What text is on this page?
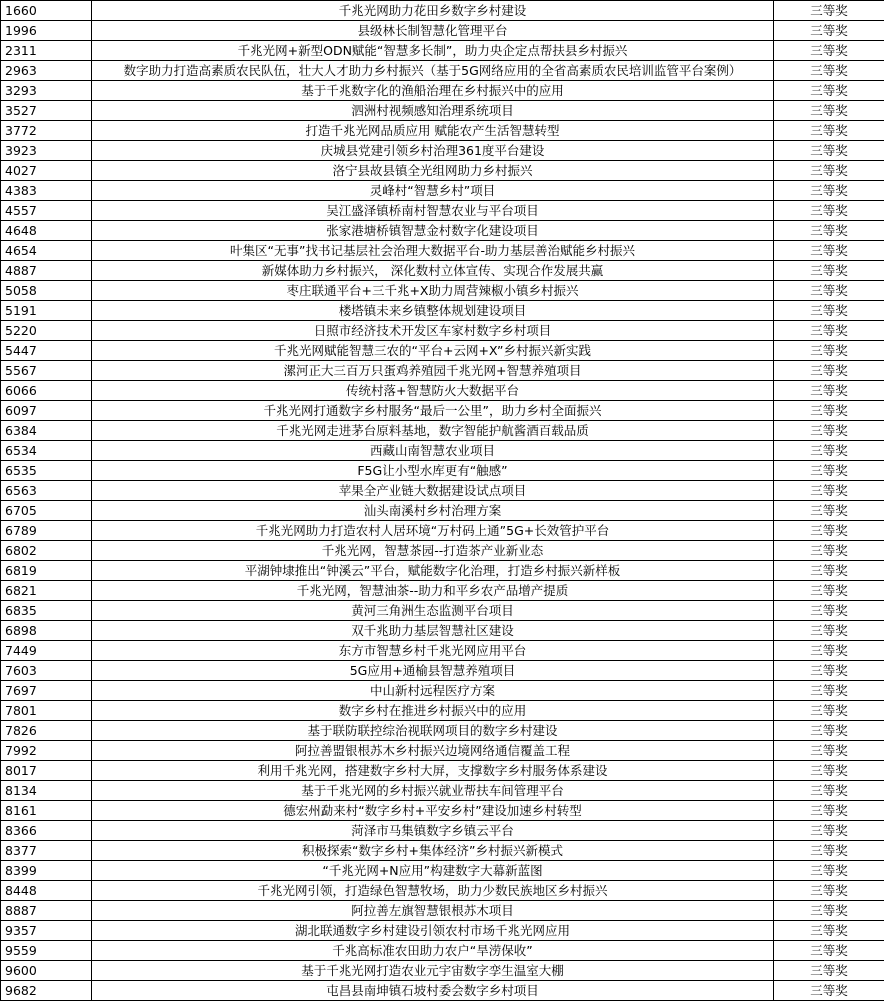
1660	千兆光网助力花田乡数字乡村建设	三等奖
1996	县级林长制智慧化管理平台	三等奖
2311	千兆光网+新型ODN赋能“智慧多长制”，助力央企定点帮扶县乡村振兴	三等奖
2963	数字助力打造高素质农民队伍，壮大人才助力乡村振兴（基于5G网络应用的全省高素质农民培训监管平台案例）	三等奖
3293	基于千兆数字化的渔船治理在乡村振兴中的应用	三等奖
3527	泗洲村视频感知治理系统项目	三等奖
3772	打造千兆光网品质应用 赋能农产生活智慧转型	三等奖
3923	庆城县党建引领乡村治理361度平台建设	三等奖
4027	洛宁县故县镇全光组网助力乡村振兴	三等奖
4383	灵峰村“智慧乡村”项目	三等奖
4557	吴江盛泽镇桥南村智慧农业与平台项目	三等奖
4648	张家港塘桥镇智慧金村数字化建设项目	三等奖
4654	叶集区“无事”找书记基层社会治理大数据平台-助力基层善治赋能乡村振兴	三等奖
4887	新媒体助力乡村振兴， 深化数村立体宣传、实现合作发展共赢	三等奖
5058	枣庄联通平台+三千兆+X助力周营辣椒小镇乡村振兴	三等奖
5191	楼塔镇未来乡镇整体规划建设项目	三等奖
5220	日照市经济技术开发区车家村数字乡村项目	三等奖
5447	千兆光网赋能智慧三农的“平台+云网+X”乡村振兴新实践	三等奖
5567	漯河正大三百万只蛋鸡养殖园千兆光网+智慧养殖项目	三等奖
6066	传统村落+智慧防火大数据平台	三等奖
6097	千兆光网打通数字乡村服务“最后一公里”，助力乡村全面振兴	三等奖
6384	千兆光网走进茅台原料基地，数字智能护航酱酒百载品质	三等奖
6534	西藏山南智慧农业项目	三等奖
6535	F5G让小型水库更有“触感”	三等奖
6563	苹果全产业链大数据建设试点项目	三等奖
6705	汕头南溪村乡村治理方案	三等奖
6789	千兆光网助力打造农村人居环境“万村码上通”5G+长效管护平台	三等奖
6802	千兆光网，智慧茶园--打造茶产业新业态	三等奖
6819	平湖钟埭推出“钟溪云”平台，赋能数字化治理，打造乡村振兴新样板	三等奖
6821	千兆光网，智慧油茶--助力和平乡农产品增产提质	三等奖
6835	黄河三角洲生态监测平台项目	三等奖
6898	双千兆助力基层智慧社区建设	三等奖
7449	东方市智慧乡村千兆光网应用平台	三等奖
7603	5G应用+通榆县智慧养殖项目	三等奖
7697	中山新村远程医疗方案	三等奖
7801	数字乡村在推进乡村振兴中的应用	三等奖
7826	基于联防联控综治视联网项目的数字乡村建设	三等奖
7992	阿拉善盟银根苏木乡村振兴边境网络通信覆盖工程	三等奖
8017	利用千兆光网，搭建数字乡村大屏，支撑数字乡村服务体系建设	三等奖
8134	基于千兆光网的乡村振兴就业帮扶车间管理平台	三等奖
8161	德宏州勐来村“数字乡村+平安乡村”建设加速乡村转型	三等奖
8366	菏泽市马集镇数字乡镇云平台	三等奖
8377	积极探索“数字乡村+集体经济”乡村振兴新模式	三等奖
8399	“千兆光网+N应用”构建数字大幕新蓝图	三等奖
8448	千兆光网引领，打造绿色智慧牧场，助力少数民族地区乡村振兴	三等奖
8887	阿拉善左旗智慧银根苏木项目	三等奖
9357	湖北联通数字乡村建设引领农村市场千兆光网应用	三等奖
9559	千兆高标准农田助力农户“旱涝保收”	三等奖
9600	基于千兆光网打造农业元宇宙数字孪生温室大棚	三等奖
9682	屯昌县南坤镇石坡村委会数字乡村项目	三等奖
